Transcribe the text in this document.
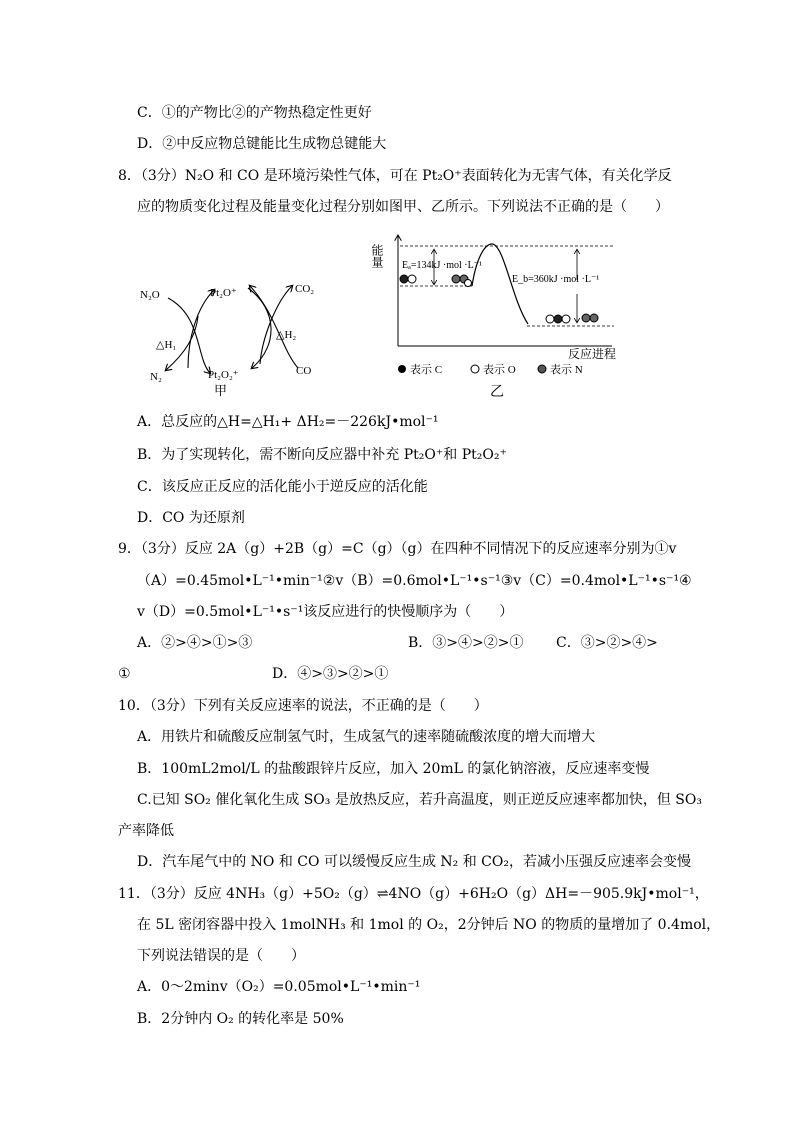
C．①的产物比②的产物热稳定性更好
D．②中反应物总键能比生成物总键能大
8．（3分）N₂O 和 CO 是环境污染性气体，可在 Pt₂O⁺表面转化为无害气体，有关化学反
应的物质变化过程及能量变化过程分别如图甲、乙所示。下列说法不正确的是（　　）
N₂O	Pt₂O⁺	CO₂
△H₁
△H₂
N₂	Pt₂O₂⁺	CO
甲
能量 Eₐ=134kJ ·mol ·L⁻¹
E_b=360kJ ·mol ·L⁻¹
反应进程
表示 C	表示 O	表示 N
乙
A．总反应的△H=△H₁+ ΔH₂=－226kJ•mol⁻¹
B．为了实现转化，需不断向反应器中补充 Pt₂O⁺和 Pt₂O₂⁺
C．该反应正反应的活化能小于逆反应的活化能
D．CO 为还原剂
9．（3分）反应 2A（g）+2B（g）=C（g）（g）在四种不同情况下的反应速率分别为①v
（A）=0.45mol•L⁻¹•min⁻¹②v（B）=0.6mol•L⁻¹•s⁻¹③v（C）=0.4mol•L⁻¹•s⁻¹④
v（D）=0.5mol•L⁻¹•s⁻¹该反应进行的快慢顺序为（　　）
A．②>④>①>③	B．③>④>②>① C．③>②>④>
①	D．④>③>②>①
10．（3分）下列有关反应速率的说法，不正确的是（　　）
A．用铁片和硫酸反应制氢气时，生成氢气的速率随硫酸浓度的增大而增大
B．100mL2mol/L 的盐酸跟锌片反应，加入 20mL 的氯化钠溶液，反应速率变慢
C.已知 SO₂ 催化氧化生成 SO₃ 是放热反应，若升高温度，则正逆反应速率都加快，但 SO₃
产率降低
D．汽车尾气中的 NO 和 CO 可以缓慢反应生成 N₂ 和 CO₂，若减小压强反应速率会变慢
11．（3分）反应 4NH₃（g）+5O₂（g）⇌4NO（g）+6H₂O（g）ΔH=－905.9kJ•mol⁻¹，
在 5L 密闭容器中投入 1molNH₃ 和 1mol 的 O₂，2分钟后 NO 的物质的量增加了 0.4mol，
下列说法错误的是（　　）
A．0～2minv（O₂）=0.05mol•L⁻¹•min⁻¹
B．2分钟内 O₂ 的转化率是 50%
